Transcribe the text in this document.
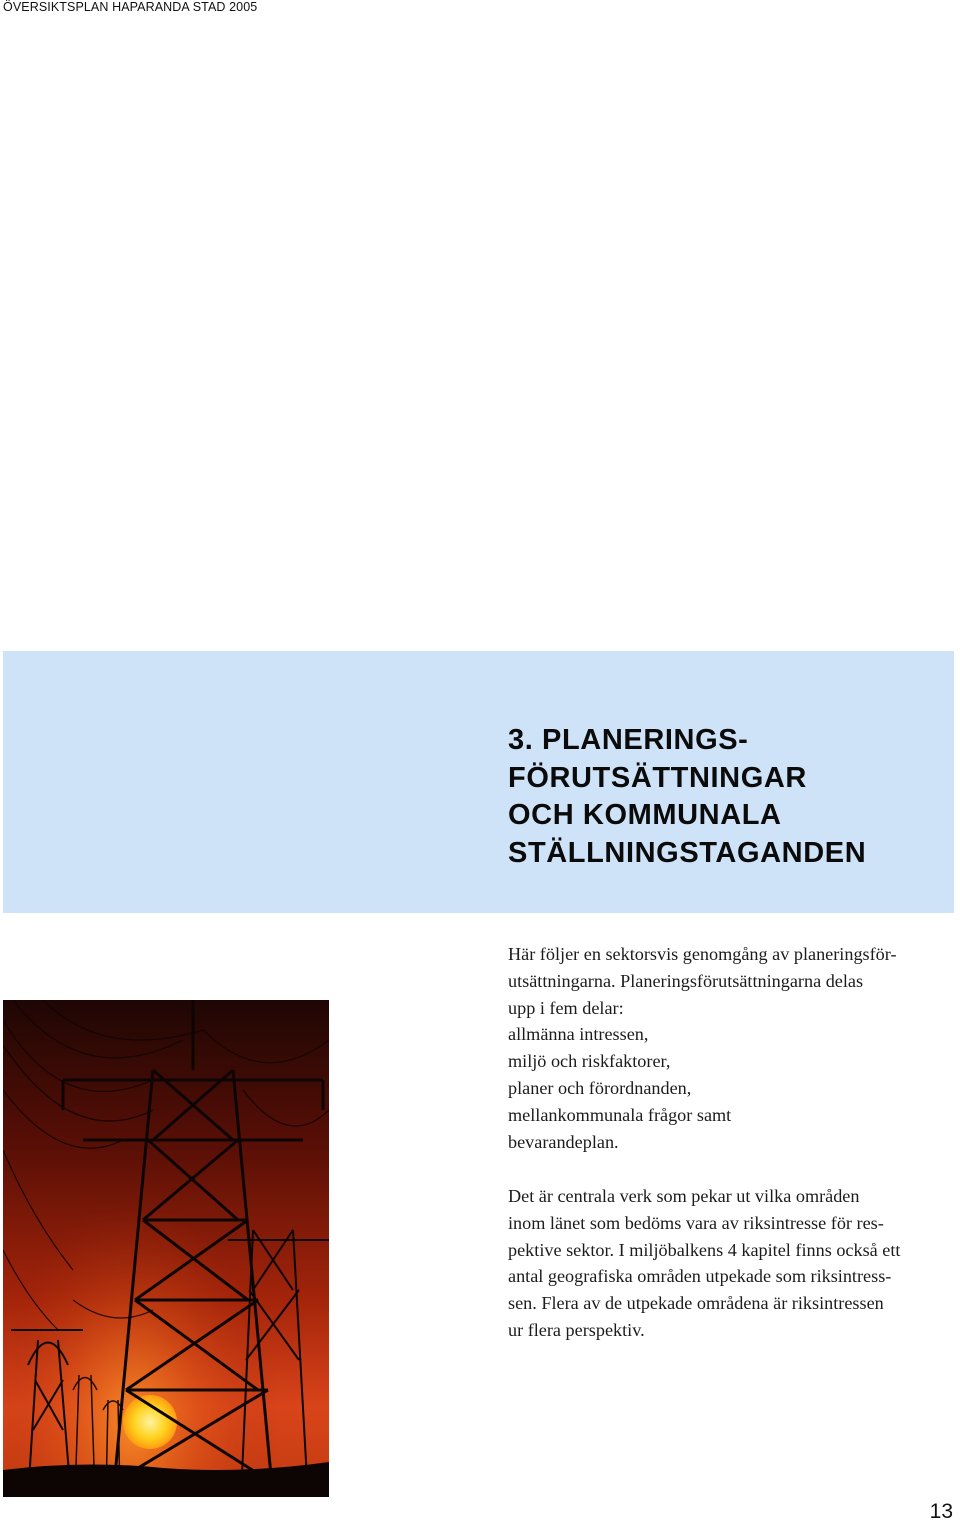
ÖVERSIKTSPLAN HAPARANDA STAD 2005
3. PLANERINGS-
FÖRUTSÄTTNINGAR
OCH KOMMUNALA
STÄLLNINGSTAGANDEN

Här följer en sektorsvis genomgång av planeringsför-
utsättningarna. Planeringsförutsättningarna delas
upp i fem delar:
allmänna intressen,
miljö och riskfaktorer,
planer och förordnanden,
mellankommunala frågor samt
bevarandeplan.

Det är centrala verk som pekar ut vilka områden
inom länet som bedöms vara av riksintresse för res-
pektive sektor. I miljöbalkens 4 kapitel finns också ett
antal geografiska områden utpekade som riksintress-
sen. Flera av de utpekade områdena är riksintressen
ur flera perspektiv.

13
